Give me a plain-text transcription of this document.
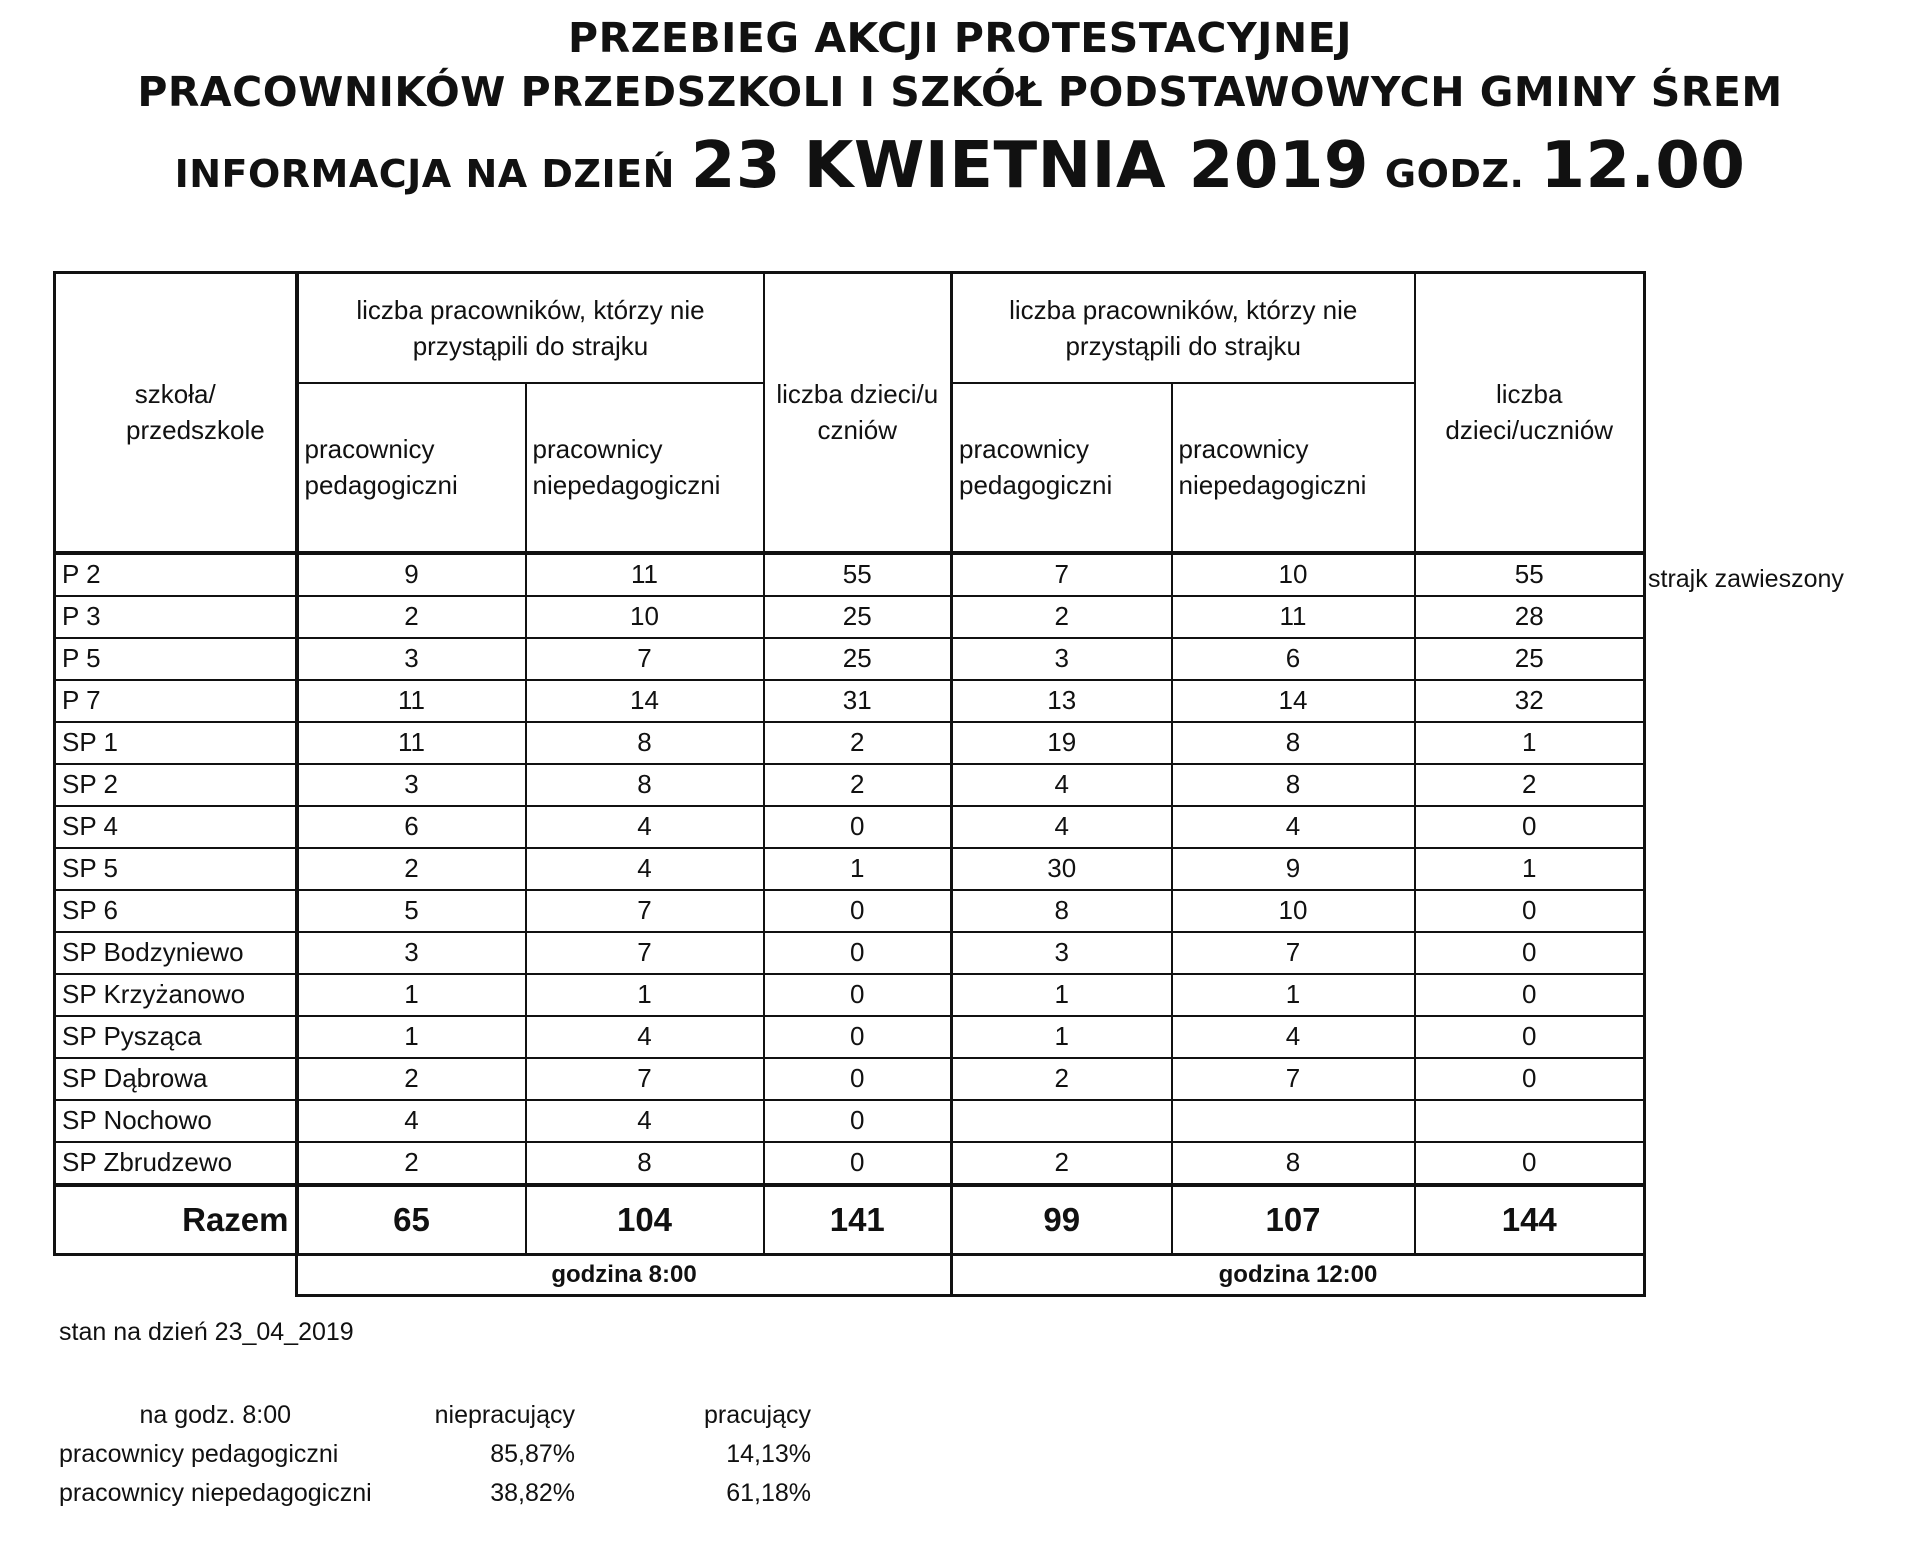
PRZEBIEG AKCJI PROTESTACYJNEJ
PRACOWNIKÓW PRZEDSZKOLI I SZKÓŁ PODSTAWOWYCH GMINY ŚREM
INFORMACJA NA DZIEŃ 23 KWIETNIA 2019 GODZ. 12.00
szkoła/ przedszkole	liczba pracowników, którzy nie przystąpili do strajku		liczba dzieci/uczniów	liczba pracowników, którzy nie przystąpili do strajku		liczba dzieci/uczniów
	pracownicy pedagogiczni	pracownicy niepedagogiczni		pracownicy pedagogiczni	pracownicy niepedagogiczni	
P 2	9	11	55	7	10	55
P 3	2	10	25	2	11	28
P 5	3	7	25	3	6	25
P 7	11	14	31	13	14	32
SP 1	11	8	2	19	8	1
SP 2	3	8	2	4	8	2
SP 4	6	4	0	4	4	0
SP 5	2	4	1	30	9	1
SP 6	5	7	0	8	10	0
SP Bodzyniewo	3	7	0	3	7	0
SP Krzyżanowo	1	1	0	1	1	0
SP Pysząca	1	4	0	1	4	0
SP Dąbrowa	2	7	0	2	7	0
SP Nochowo	4	4	0			
SP Zbrudzewo	2	8	0	2	8	0
Razem	65	104	141	99	107	144
	godzina 8:00			godzina 12:00		
strajk zawieszony
stan na dzień 23_04_2019
na godz. 8:00	niepracujący	pracujący
pracownicy pedagogiczni	85,87%	14,13%
pracownicy niepedagogiczni	38,82%	61,18%
